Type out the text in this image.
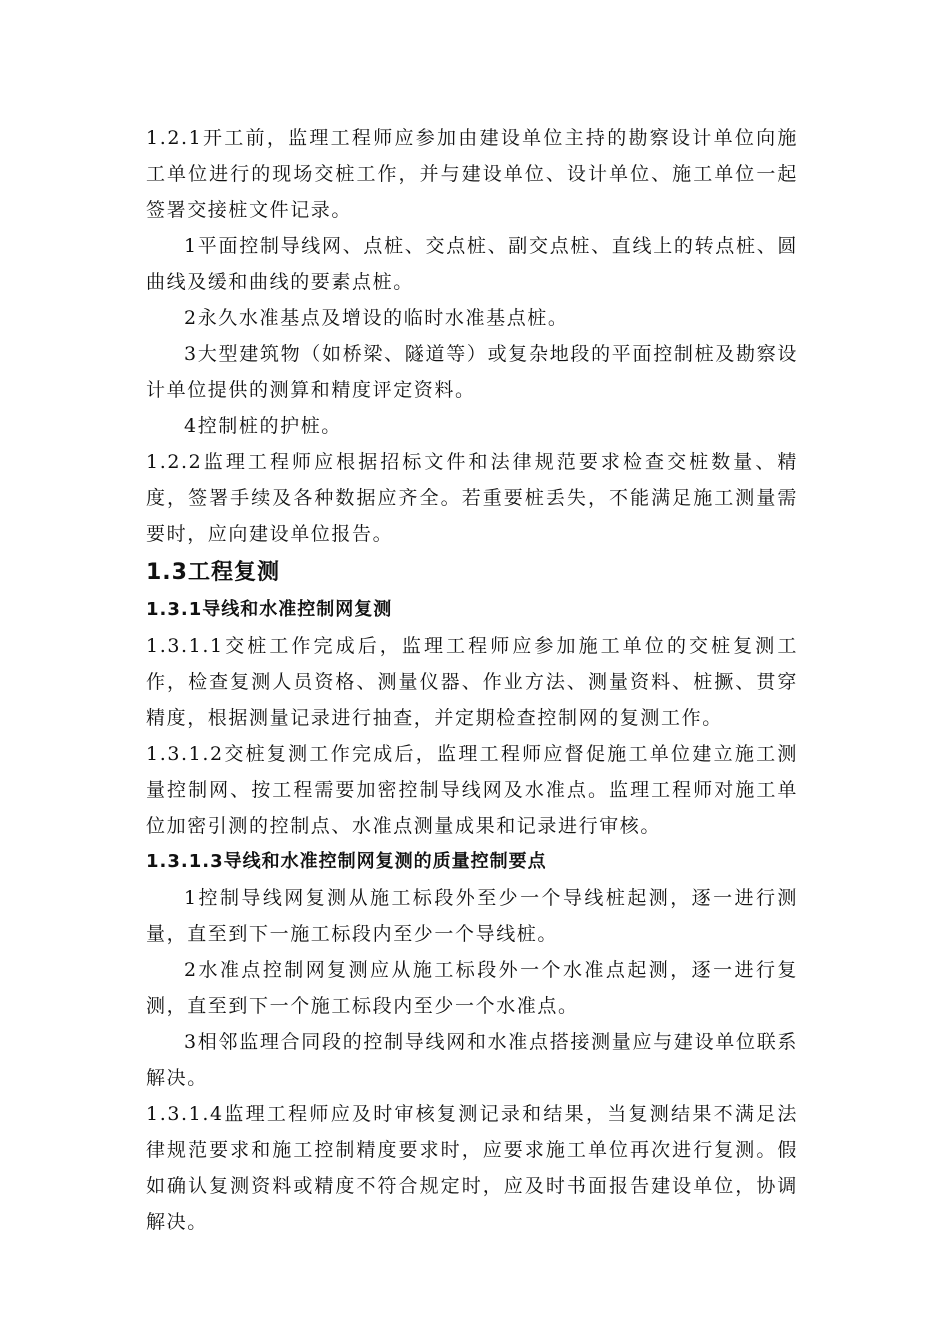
1.2.1开工前，监理工程师应参加由建设单位主持的勘察设计单位向施工单位进行的现场交桩工作，并与建设单位、设计单位、施工单位一起签署交接桩文件记录。

1平面控制导线网、点桩、交点桩、副交点桩、直线上的转点桩、圆曲线及缓和曲线的要素点桩。

2永久水准基点及增设的临时水准基点桩。

3大型建筑物（如桥梁、隧道等）或复杂地段的平面控制桩及勘察设计单位提供的测算和精度评定资料。

4控制桩的护桩。

1.2.2监理工程师应根据招标文件和法律规范要求检查交桩数量、精度，签署手续及各种数据应齐全。若重要桩丢失，不能满足施工测量需要时，应向建设单位报告。

1.3工程复测
1.3.1导线和水准控制网复测

1.3.1.1交桩工作完成后，监理工程师应参加施工单位的交桩复测工作，检查复测人员资格、测量仪器、作业方法、测量资料、桩撅、贯穿精度，根据测量记录进行抽查，并定期检查控制网的复测工作。

1.3.1.2交桩复测工作完成后，监理工程师应督促施工单位建立施工测量控制网、按工程需要加密控制导线网及水准点。监理工程师对施工单位加密引测的控制点、水准点测量成果和记录进行审核。

1.3.1.3导线和水准控制网复测的质量控制要点

1控制导线网复测从施工标段外至少一个导线桩起测，逐一进行测量，直至到下一施工标段内至少一个导线桩。

2水准点控制网复测应从施工标段外一个水准点起测，逐一进行复测，直至到下一个施工标段内至少一个水准点。

3相邻监理合同段的控制导线网和水准点搭接测量应与建设单位联系解决。

1.3.1.4监理工程师应及时审核复测记录和结果，当复测结果不满足法律规范要求和施工控制精度要求时，应要求施工单位再次进行复测。假如确认复测资料或精度不符合规定时，应及时书面报告建设单位，协调解决。
